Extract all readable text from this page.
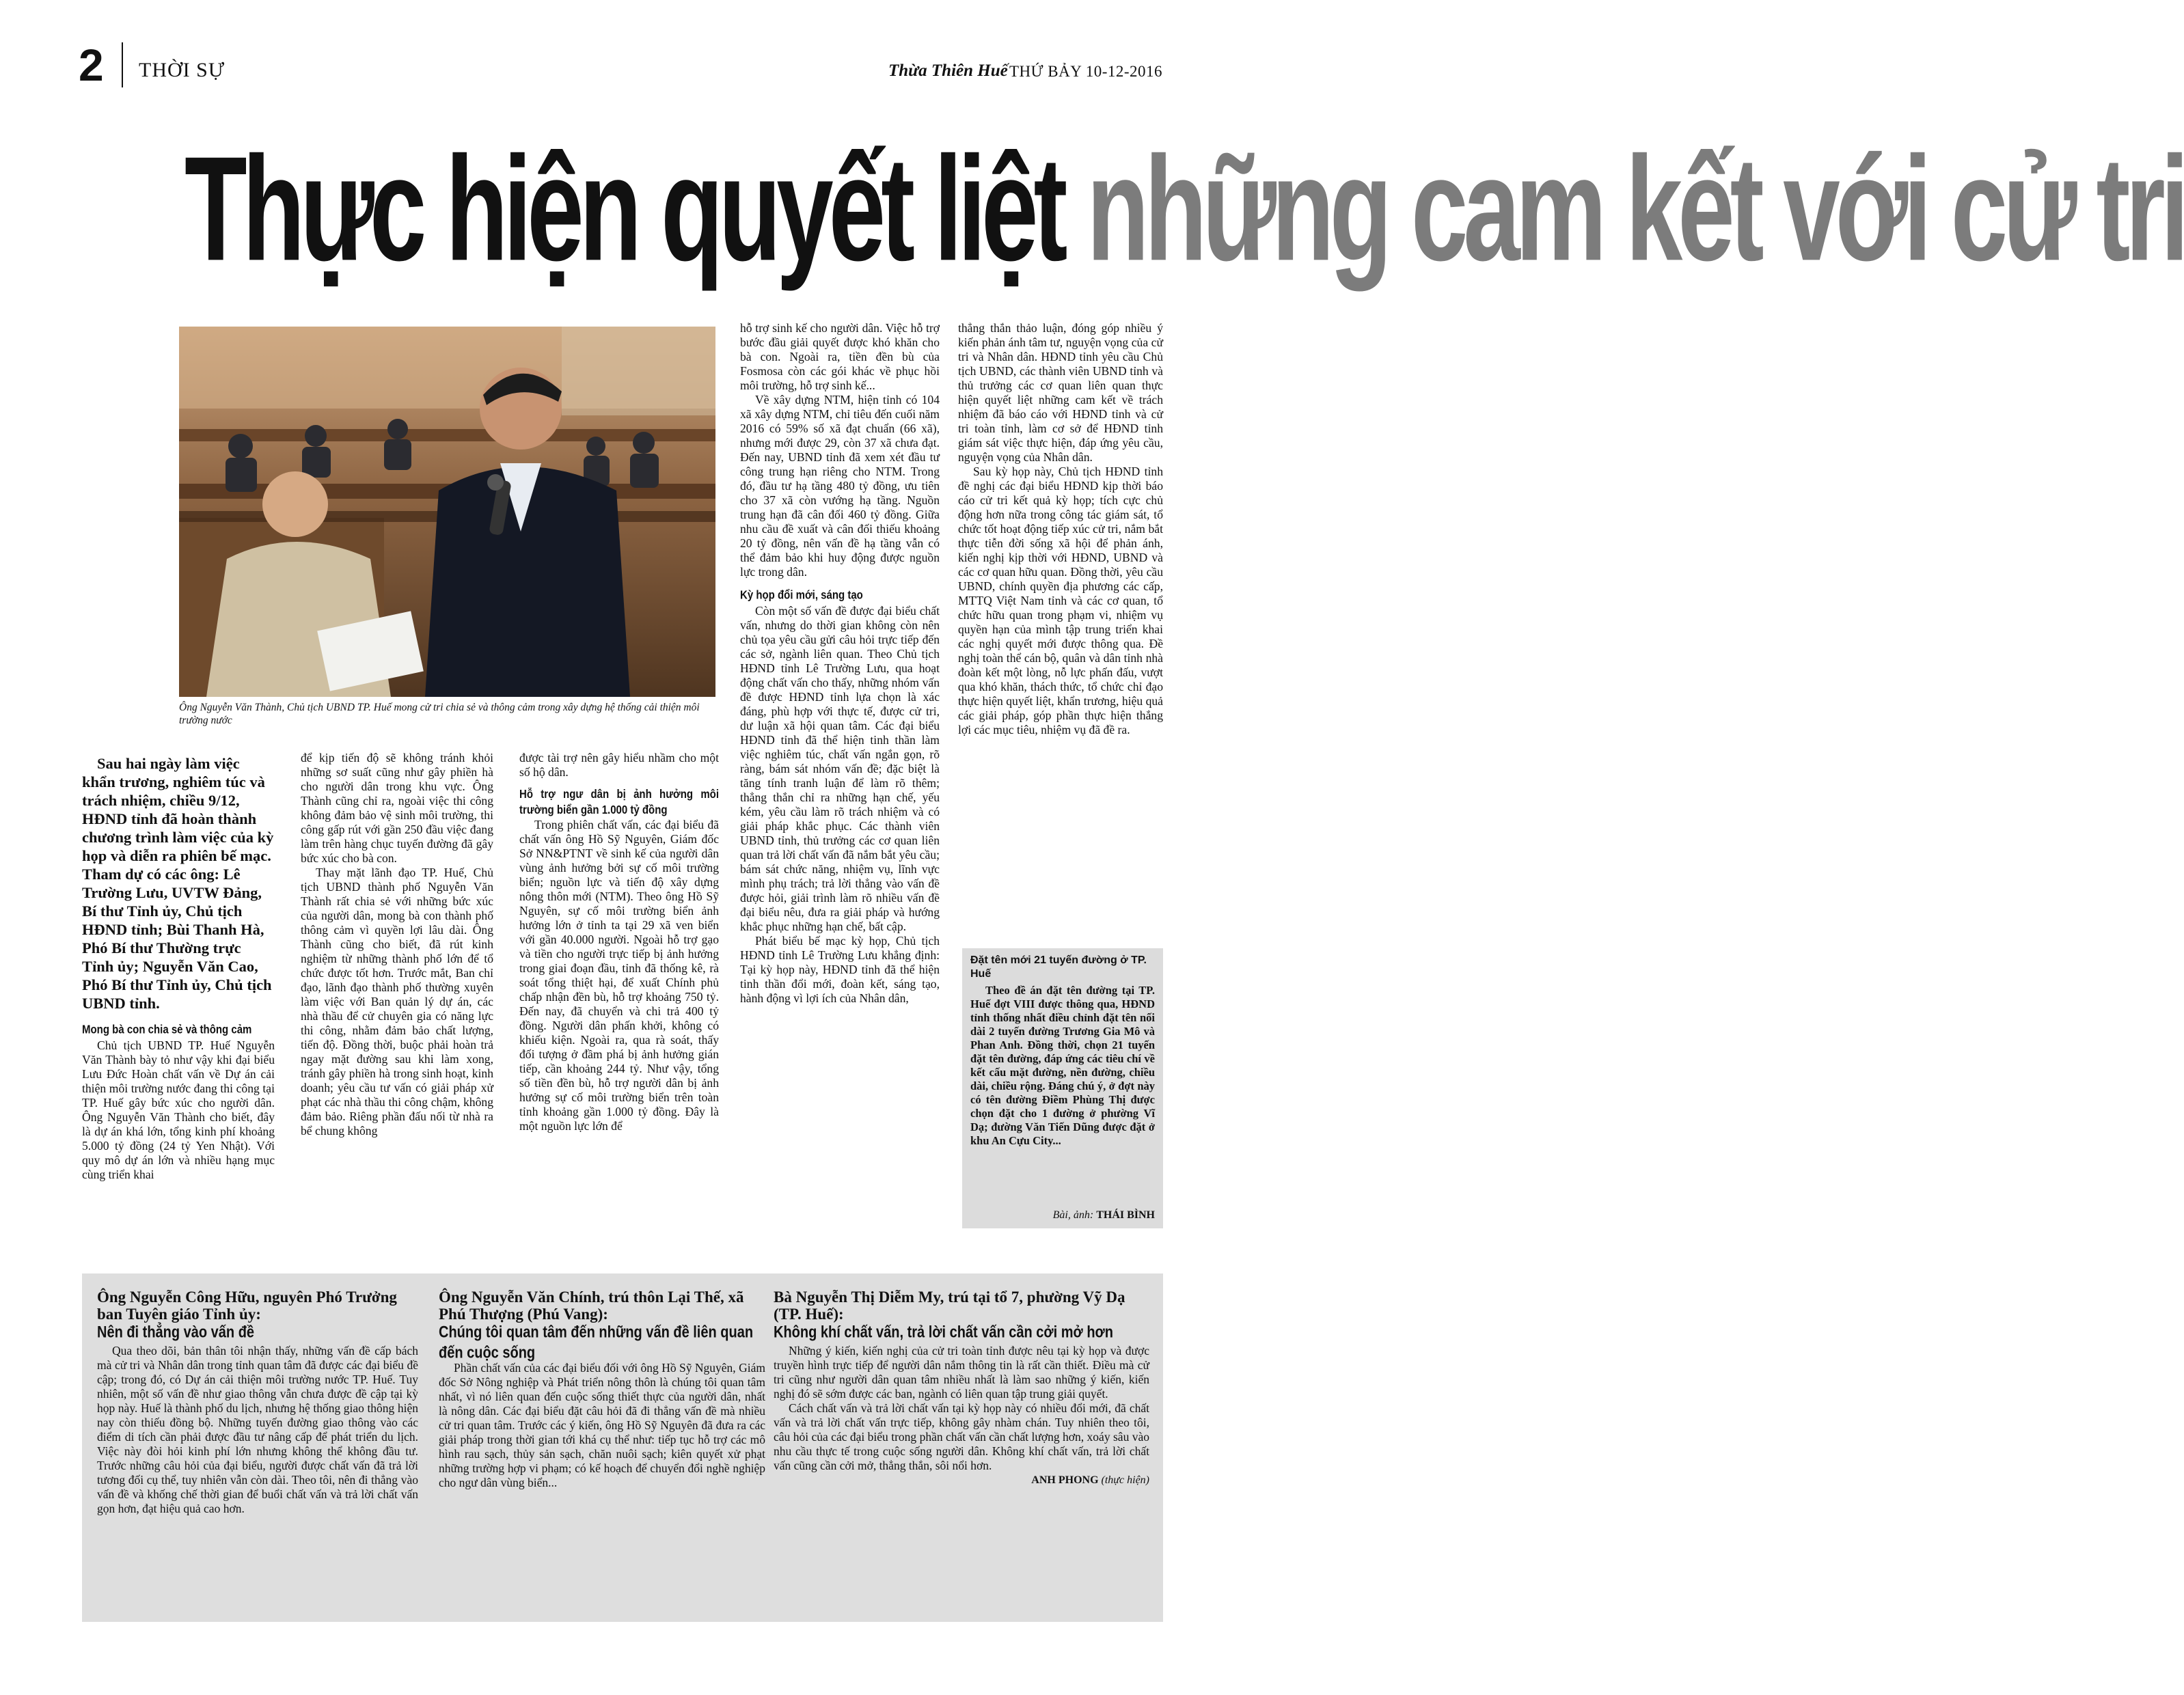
2 THỜI SỰ	Thừa Thiên Huế THỨ BẢY 10-12-2016
Thực hiện quyết liệt những cam kết với cử tri
Ông Nguyễn Văn Thành, Chủ tịch UBND TP. Huế mong cử tri chia sẻ và thông cảm trong xây dựng hệ thống cải thiện môi trường nước

Sau hai ngày làm việc khẩn trương, nghiêm túc và trách nhiệm, chiều 9/12, HĐND tỉnh đã hoàn thành chương trình làm việc của kỳ họp và diễn ra phiên bế mạc. Tham dự có các ông: Lê Trường Lưu, UVTW Đảng, Bí thư Tỉnh ủy, Chủ tịch HĐND tỉnh; Bùi Thanh Hà, Phó Bí thư Thường trực Tỉnh ủy; Nguyễn Văn Cao, Phó Bí thư Tỉnh ủy, Chủ tịch UBND tỉnh.

Mong bà con chia sẻ và thông cảm

Chủ tịch UBND TP. Huế Nguyễn Văn Thành bày tỏ như vậy khi đại biểu Lưu Đức Hoàn chất vấn về Dự án cải thiện môi trường nước đang thi công tại TP. Huế gây bức xúc cho người dân. Ông Nguyễn Văn Thành cho biết, đây là dự án khá lớn, tổng kinh phí khoảng 5.000 tỷ đồng (24 tỷ Yen Nhật). Với quy mô dự án lớn và nhiều hạng mục cùng triển khai

để kịp tiến độ sẽ không tránh khỏi những sơ suất cũng như gây phiền hà cho người dân trong khu vực. Ông Thành cũng chỉ ra, ngoài việc thi công không đảm bảo vệ sinh môi trường, thi công gấp rút với gần 250 đầu việc đang làm trên hàng chục tuyến đường đã gây bức xúc cho bà con.

Thay mặt lãnh đạo TP. Huế, Chủ tịch UBND thành phố Nguyễn Văn Thành rất chia sẻ với những bức xúc của người dân, mong bà con thành phố thông cảm vì quyền lợi lâu dài. Ông Thành cũng cho biết, đã rút kinh nghiệm từ những thành phố lớn để tổ chức được tốt hơn. Trước mắt, Ban chỉ đạo, lãnh đạo thành phố thường xuyên làm việc với Ban quản lý dự án, các nhà thầu để cử chuyên gia có năng lực thi công, nhằm đảm bảo chất lượng, tiến độ. Đồng thời, buộc phải hoàn trả ngay mặt đường sau khi làm xong, tránh gây phiền hà trong sinh hoạt, kinh doanh; yêu cầu tư vấn có giải pháp xử phạt các nhà thầu thi công chậm, không đảm bảo. Riêng phần đấu nối từ nhà ra bể chung không

được tài trợ nên gây hiểu nhầm cho một số hộ dân.

Hỗ trợ ngư dân bị ảnh hưởng môi trường biển gần 1.000 tỷ đồng

Trong phiên chất vấn, các đại biểu đã chất vấn ông Hồ Sỹ Nguyên, Giám đốc Sở NN&PTNT về sinh kế của người dân vùng ảnh hưởng bởi sự cố môi trường biển; nguồn lực và tiến độ xây dựng nông thôn mới (NTM). Theo ông Hồ Sỹ Nguyên, sự cố môi trường biển ảnh hưởng lớn ở tỉnh ta tại 29 xã ven biển với gần 40.000 người. Ngoài hỗ trợ gạo và tiền cho người trực tiếp bị ảnh hưởng trong giai đoạn đầu, tỉnh đã thống kê, rà soát tổng thiệt hại, để xuất Chính phủ chấp nhận đền bù, hỗ trợ khoảng 750 tỷ. Đến nay, đã chuyển và chi trả 400 tỷ đồng. Người dân phấn khởi, không có khiếu kiện. Ngoài ra, qua rà soát, thấy đối tượng ở đầm phá bị ảnh hưởng gián tiếp, cần khoảng 244 tỷ. Như vậy, tổng số tiền đền bù, hỗ trợ người dân bị ảnh hưởng sự cố môi trường biển trên toàn tỉnh khoảng gần 1.000 tỷ đồng. Đây là một nguồn lực lớn để

hỗ trợ sinh kế cho người dân. Việc hỗ trợ bước đầu giải quyết được khó khăn cho bà con. Ngoài ra, tiền đền bù của Fosmosa còn các gói khác về phục hồi môi trường, hỗ trợ sinh kế...

Về xây dựng NTM, hiện tỉnh có 104 xã xây dựng NTM, chỉ tiêu đến cuối năm 2016 có 59% số xã đạt chuẩn (66 xã), nhưng mới được 29, còn 37 xã chưa đạt. Đến nay, UBND tỉnh đã xem xét đầu tư công trung hạn riêng cho NTM. Trong đó, đầu tư hạ tầng 480 tỷ đồng, ưu tiên cho 37 xã còn vướng hạ tầng. Nguồn trung hạn đã cân đối 460 tỷ đồng. Giữa nhu cầu đề xuất và cân đối thiếu khoảng 20 tỷ đồng, nên vấn đề hạ tầng vẫn có thể đảm bảo khi huy động được nguồn lực trong dân.

Kỳ họp đổi mới, sáng tạo

Còn một số vấn đề được đại biểu chất vấn, nhưng do thời gian không còn nên chủ tọa yêu cầu gửi câu hỏi trực tiếp đến các sở, ngành liên quan. Theo Chủ tịch HĐND tỉnh Lê Trường Lưu, qua hoạt động chất vấn cho thấy, những nhóm vấn đề được HĐND tỉnh lựa chọn là xác đáng, phù hợp với thực tế, được cử tri, dư luận xã hội quan tâm. Các đại biểu HĐND tỉnh đã thể hiện tinh thần làm việc nghiêm túc, chất vấn ngắn gọn, rõ ràng, bám sát nhóm vấn đề; đặc biệt là tăng tính tranh luận để làm rõ thêm; thẳng thắn chỉ ra những hạn chế, yếu kém, yêu cầu làm rõ trách nhiệm và có giải pháp khắc phục. Các thành viên UBND tỉnh, thủ trưởng các cơ quan liên quan trả lời chất vấn đã nắm bắt yêu cầu; bám sát chức năng, nhiệm vụ, lĩnh vực mình phụ trách; trả lời thẳng vào vấn đề được hỏi, giải trình làm rõ nhiều vấn đề đại biểu nêu, đưa ra giải pháp và hướng khắc phục những hạn chế, bất cập.

Phát biểu bế mạc kỳ họp, Chủ tịch HĐND tỉnh Lê Trường Lưu khẳng định: Tại kỳ họp này, HĐND tỉnh đã thể hiện tinh thần đổi mới, đoàn kết, sáng tạo, hành động vì lợi ích của Nhân dân,

thẳng thắn thảo luận, đóng góp nhiều ý kiến phản ánh tâm tư, nguyện vọng của cử tri và Nhân dân. HĐND tỉnh yêu cầu Chủ tịch UBND, các thành viên UBND tỉnh và thủ trưởng các cơ quan liên quan thực hiện quyết liệt những cam kết về trách nhiệm đã báo cáo với HĐND tỉnh và cử tri toàn tỉnh, làm cơ sở để HĐND tỉnh giám sát việc thực hiện, đáp ứng yêu cầu, nguyện vọng của Nhân dân.

Sau kỳ họp này, Chủ tịch HĐND tỉnh đề nghị các đại biểu HĐND kịp thời báo cáo cử tri kết quả kỳ họp; tích cực chủ động hơn nữa trong công tác giám sát, tổ chức tốt hoạt động tiếp xúc cử tri, nắm bắt thực tiễn đời sống xã hội để phản ánh, kiến nghị kịp thời với HĐND, UBND và các cơ quan hữu quan. Đồng thời, yêu cầu UBND, chính quyền địa phương các cấp, MTTQ Việt Nam tỉnh và các cơ quan, tổ chức hữu quan trong phạm vi, nhiệm vụ quyền hạn của mình tập trung triển khai các nghị quyết mới được thông qua. Đề nghị toàn thể cán bộ, quân và dân tỉnh nhà đoàn kết một lòng, nỗ lực phấn đấu, vượt qua khó khăn, thách thức, tổ chức chỉ đạo thực hiện quyết liệt, khẩn trương, hiệu quả các giải pháp, góp phần thực hiện thắng lợi các mục tiêu, nhiệm vụ đã đề ra.

Đặt tên mới 21 tuyến đường ở TP. Huế
Theo đề án đặt tên đường tại TP. Huế đợt VIII được thông qua, HĐND tỉnh thống nhất điều chỉnh đặt tên nối dài 2 tuyến đường Trương Gia Mô và Phan Anh. Đồng thời, chọn 21 tuyến đặt tên đường, đáp ứng các tiêu chí về kết cấu mặt đường, nền đường, chiều dài, chiều rộng. Đáng chú ý, ở đợt này có tên đường Điềm Phùng Thị được chọn đặt cho 1 đường ở phường Vĩ Dạ; đường Văn Tiến Dũng được đặt ở khu An Cựu City...
Bài, ảnh: THÁI BÌNH
Ông Nguyễn Công Hữu, nguyên Phó Trưởng ban Tuyên giáo Tỉnh ủy:
Nên đi thẳng vào vấn đề

Qua theo dõi, bản thân tôi nhận thấy, những vấn đề cấp bách mà cử tri và Nhân dân trong tỉnh quan tâm đã được các đại biểu đề cập; trong đó, có Dự án cải thiện môi trường nước TP. Huế. Tuy nhiên, một số vấn đề như giao thông vẫn chưa được đề cập tại kỳ họp này. Huế là thành phố du lịch, nhưng hệ thống giao thông hiện nay còn thiếu đồng bộ. Những tuyến đường giao thông vào các điểm di tích cần phải được đầu tư nâng cấp để phát triển du lịch. Việc này đòi hỏi kinh phí lớn nhưng không thể không đầu tư. Trước những câu hỏi của đại biểu, người được chất vấn đã trả lời tương đối cụ thể, tuy nhiên vẫn còn dài. Theo tôi, nên đi thẳng vào vấn đề và khống chế thời gian để buổi chất vấn và trả lời chất vấn gọn hơn, đạt hiệu quả cao hơn.

Ông Nguyễn Văn Chính, trú thôn Lại Thế, xã Phú Thượng (Phú Vang):
Chúng tôi quan tâm đến những vấn đề liên quan đến cuộc sống

Phần chất vấn của các đại biểu đối với ông Hồ Sỹ Nguyên, Giám đốc Sở Nông nghiệp và Phát triển nông thôn là chúng tôi quan tâm nhất, vì nó liên quan đến cuộc sống thiết thực của người dân, nhất là nông dân. Các đại biểu đặt câu hỏi đã đi thẳng vấn đề mà nhiều cử tri quan tâm. Trước các ý kiến, ông Hồ Sỹ Nguyên đã đưa ra các giải pháp trong thời gian tới khá cụ thể như: tiếp tục hỗ trợ các mô hình rau sạch, thủy sản sạch, chăn nuôi sạch; kiên quyết xử phạt những trường hợp vi phạm; có kế hoạch để chuyển đổi nghề nghiệp cho ngư dân vùng biển...

Bà Nguyễn Thị Diễm My, trú tại tổ 7, phường Vỹ Dạ (TP. Huế):
Không khí chất vấn, trả lời chất vấn cần cởi mở hơn

Những ý kiến, kiến nghị của cử tri toàn tỉnh được nêu tại kỳ họp và được truyền hình trực tiếp để người dân nắm thông tin là rất cần thiết. Điều mà cử tri cũng như người dân quan tâm nhiều nhất là làm sao những ý kiến, kiến nghị đó sẽ sớm được các ban, ngành có liên quan tập trung giải quyết.

Cách chất vấn và trả lời chất vấn tại kỳ họp này có nhiều đổi mới, đã chất vấn và trả lời chất vấn trực tiếp, không gây nhàm chán. Tuy nhiên theo tôi, câu hỏi của các đại biểu trong phần chất vấn cần chất lượng hơn, xoáy sâu vào nhu cầu thực tế trong cuộc sống người dân. Không khí chất vấn, trả lời chất vấn cũng cần cởi mở, thẳng thắn, sôi nổi hơn.

ANH PHONG (thực hiện)
